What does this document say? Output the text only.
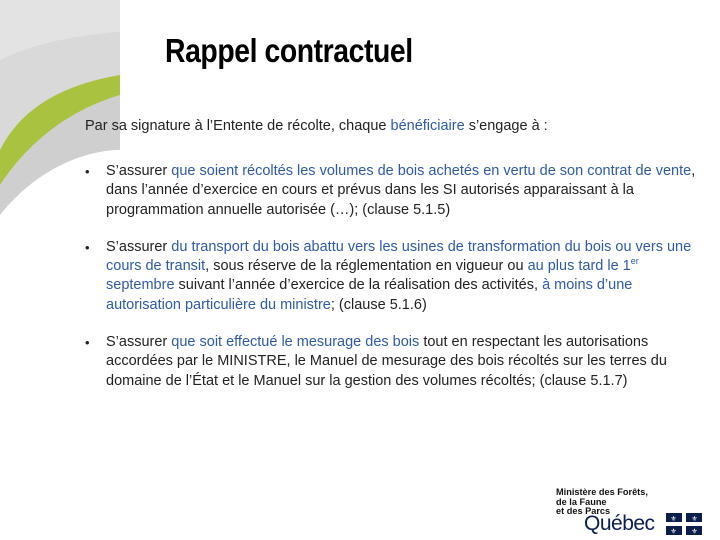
Rappel contractuel
Par sa signature à l’Entente de récolte, chaque bénéficiaire s’engage à :
• S’assurer que soient récoltés les volumes de bois achetés en vertu de son contrat de vente, dans l’année d’exercice en cours et prévus dans les SI autorisés apparaissant à la programmation annuelle autorisée (…); (clause 5.1.5)
• S’assurer du transport du bois abattu vers les usines de transformation du bois ou vers une cours de transit, sous réserve de la réglementation en vigueur ou au plus tard le 1er septembre suivant l’année d’exercice de la réalisation des activités, à moins d’une autorisation particulière du ministre; (clause 5.1.6)
• S’assurer que soit effectué le mesurage des bois tout en respectant les autorisations accordées par le MINISTRE, le Manuel de mesurage des bois récoltés sur les terres du domaine de l’État et le Manuel sur la gestion des volumes récoltés; (clause 5.1.7)
Ministère des Forêts,
de la Faune
et des Parcs
Québec ⚜ ⚜
⚜ ⚜
